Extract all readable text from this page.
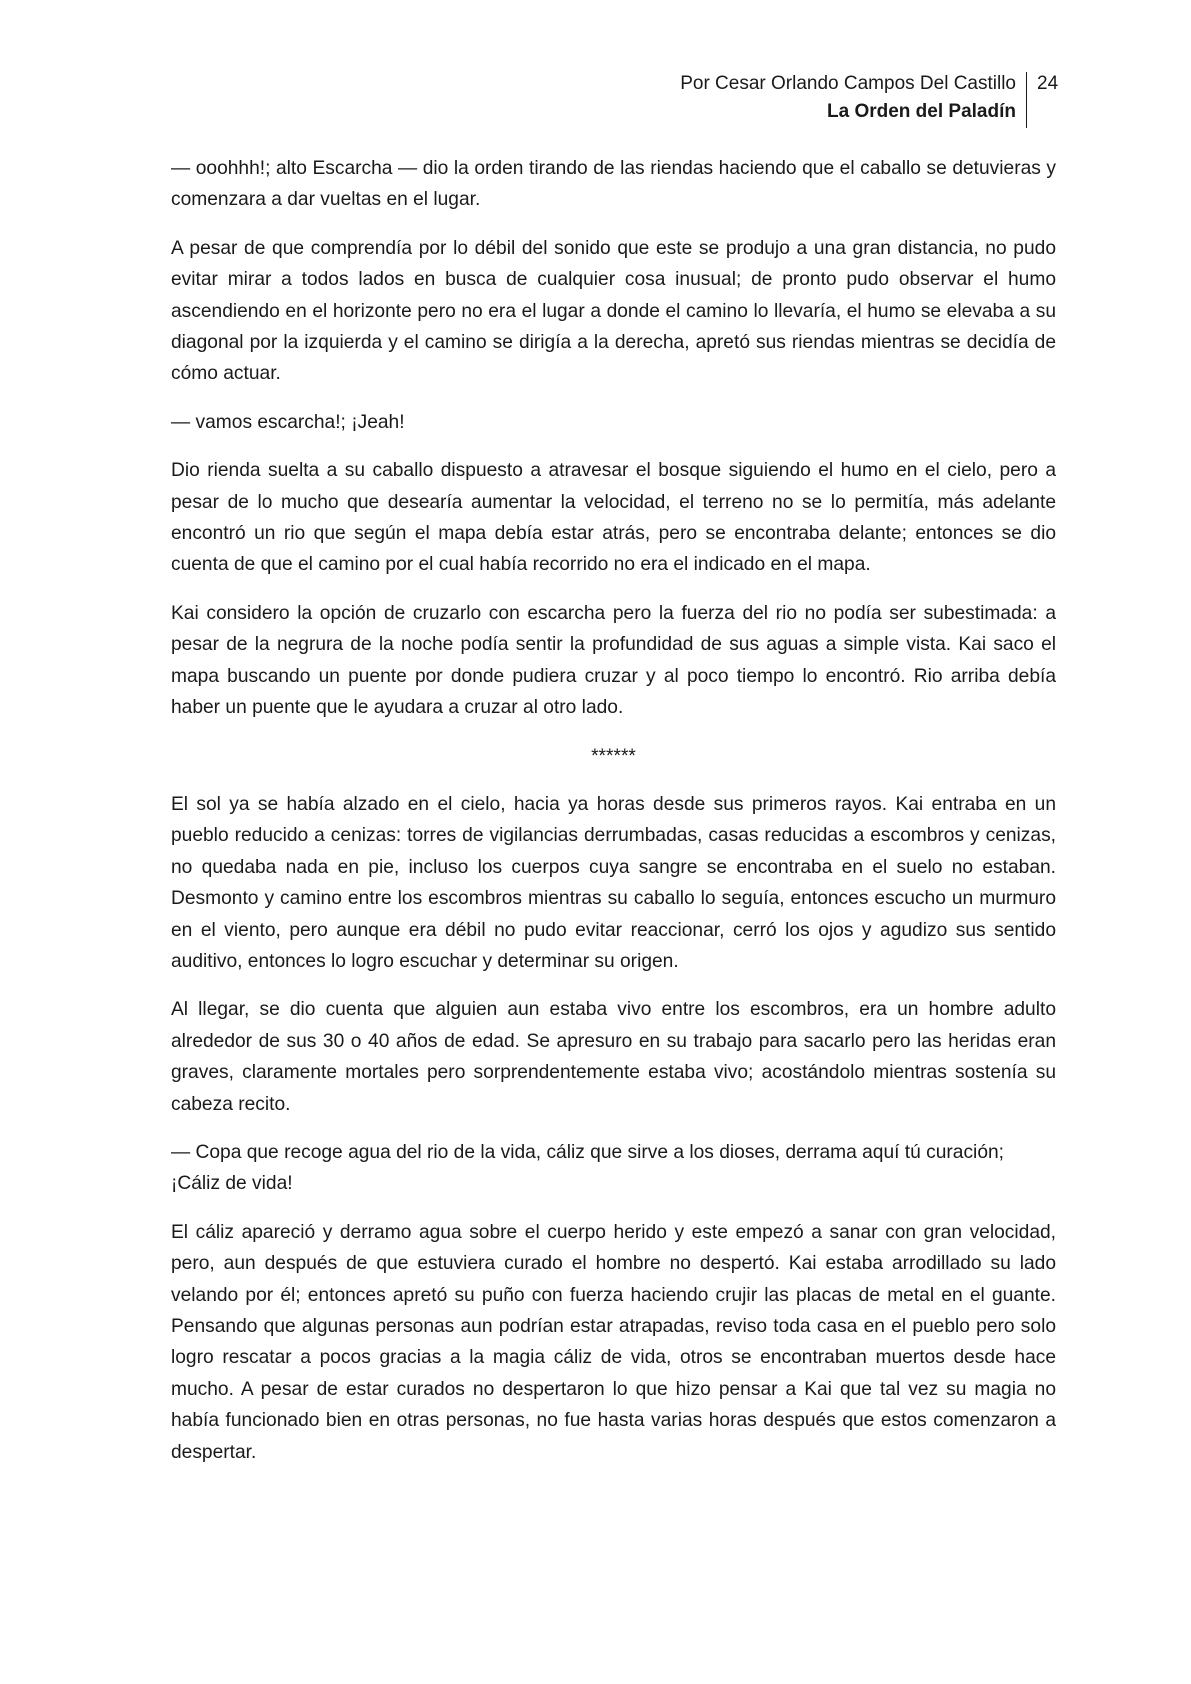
Por Cesar Orlando Campos Del Castillo
La Orden del Paladín
24

— ooohhh!; alto Escarcha — dio la orden tirando de las riendas haciendo que el caballo se detuvieras y comenzara a dar vueltas en el lugar.

A pesar de que comprendía por lo débil del sonido que este se produjo a una gran distancia, no pudo evitar mirar a todos lados en busca de cualquier cosa inusual; de pronto pudo observar el humo ascendiendo en el horizonte pero no era el lugar a donde el camino lo llevaría, el humo se elevaba a su diagonal por la izquierda y el camino se dirigía a la derecha, apretó sus riendas mientras se decidía de cómo actuar.

— vamos escarcha!; ¡Jeah!

Dio rienda suelta a su caballo dispuesto a atravesar el bosque siguiendo el humo en el cielo, pero a pesar de lo mucho que desearía aumentar la velocidad, el terreno no se lo permitía, más adelante encontró un rio que según el mapa debía estar atrás, pero se encontraba delante; entonces se dio cuenta de que el camino por el cual había recorrido no era el indicado en el mapa.

Kai considero la opción de cruzarlo con escarcha pero la fuerza del rio no podía ser subestimada: a pesar de la negrura de la noche podía sentir la profundidad de sus aguas a simple vista. Kai saco el mapa buscando un puente por donde pudiera cruzar y al poco tiempo lo encontró. Rio arriba debía haber un puente que le ayudara a cruzar al otro lado.

******

El sol ya se había alzado en el cielo, hacia ya horas desde sus primeros rayos. Kai entraba en un pueblo reducido a cenizas: torres de vigilancias derrumbadas, casas reducidas a escombros y cenizas, no quedaba nada en pie, incluso los cuerpos cuya sangre se encontraba en el suelo no estaban. Desmonto y camino entre los escombros mientras su caballo lo seguía, entonces escucho un murmuro en el viento, pero aunque era débil no pudo evitar reaccionar, cerró los ojos y agudizo sus sentido auditivo, entonces lo logro escuchar y determinar su origen.

Al llegar, se dio cuenta que alguien aun estaba vivo entre los escombros, era un hombre adulto alrededor de sus 30 o 40 años de edad. Se apresuro en su trabajo para sacarlo pero las heridas eran graves, claramente mortales pero sorprendentemente estaba vivo; acostándolo mientras sostenía su cabeza recito.

— Copa que recoge agua del rio de la vida, cáliz que sirve a los dioses, derrama aquí tú curación; ¡Cáliz de vida!

El cáliz apareció y derramo agua sobre el cuerpo herido y este empezó a sanar con gran velocidad, pero, aun después de que estuviera curado el hombre no despertó. Kai estaba arrodillado su lado velando por él; entonces apretó su puño con fuerza haciendo crujir las placas de metal en el guante. Pensando que algunas personas aun podrían estar atrapadas, reviso toda casa en el pueblo pero solo logro rescatar a pocos gracias a la magia cáliz de vida, otros se encontraban muertos desde hace mucho. A pesar de estar curados no despertaron lo que hizo pensar a Kai que tal vez su magia no había funcionado bien en otras personas, no fue hasta varias horas después que estos comenzaron a despertar.
